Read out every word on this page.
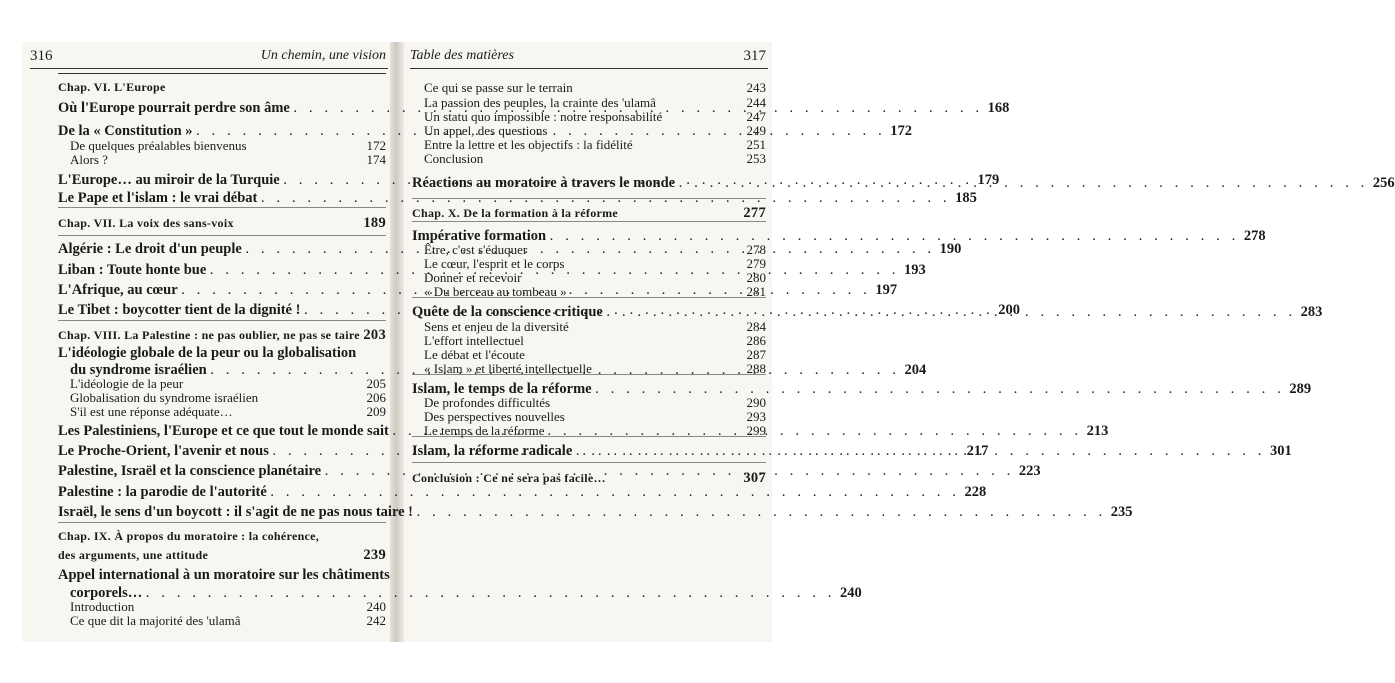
316	Un chemin, une vision Table des matières	317
Chap. VI. L'Europe
Où l'Europe pourrait perdre son âme . . .	168
De la « Constitution » . . .	172
De quelques préalables bienvenus	172
Alors ?	174
L'Europe… au miroir de la Turquie . . .	179
Le Pape et l'islam : le vrai débat . . .	185
Chap. VII. La voix des sans-voix	189
Algérie : Le droit d'un peuple . . .	190
Liban : Toute honte bue . . .	193
L'Afrique, au cœur . . .	197
Le Tibet : boycotter tient de la dignité ! . . .	200
Chap. VIII. La Palestine : ne pas oublier, ne pas se taire 203
L'idéologie globale de la peur ou la globalisation
du syndrome israélien . . .	204
L'idéologie de la peur	205
Globalisation du syndrome israélien	206
S'il est une réponse adéquate…	209
Les Palestiniens, l'Europe et ce que tout le monde sait . . .	213
Le Proche-Orient, l'avenir et nous . . .	217
Palestine, Israël et la conscience planétaire . . .	223
Palestine : la parodie de l'autorité . . .	228
Israël, le sens d'un boycott : il s'agit de ne pas nous taire ! . . .	235
Chap. IX. À propos du moratoire : la cohérence,
des arguments, une attitude	239
Appel international à un moratoire sur les châtiments
corporels… . . .	240
Introduction	240
Ce que dit la majorité des 'ulamâ	242
Ce qui se passe sur le terrain	243
La passion des peuples, la crainte des 'ulamâ	244
Un statu quo impossible : notre responsabilité	247
Un appel, des questions	249
Entre la lettre et les objectifs : la fidélité	251
Conclusion	253
Réactions au moratoire à travers le monde . . .	256
Chap. X. De la formation à la réforme	277
Impérative formation . . .	278
Être, c'est s'éduquer	278
Le cœur, l'esprit et le corps	279
Donner et recevoir	280
« Du berceau au tombeau »	281
Quête de la conscience critique . . .	283
Sens et enjeu de la diversité	284
L'effort intellectuel	286
Le débat et l'écoute	287
« Islam » et liberté intellectuelle	288
Islam, le temps de la réforme . . .	289
De profondes difficultés	290
Des perspectives nouvelles	293
Le temps de la réforme	299
Islam, la réforme radicale . . .	301
Conclusion : Ce ne sera pas facile…	307
